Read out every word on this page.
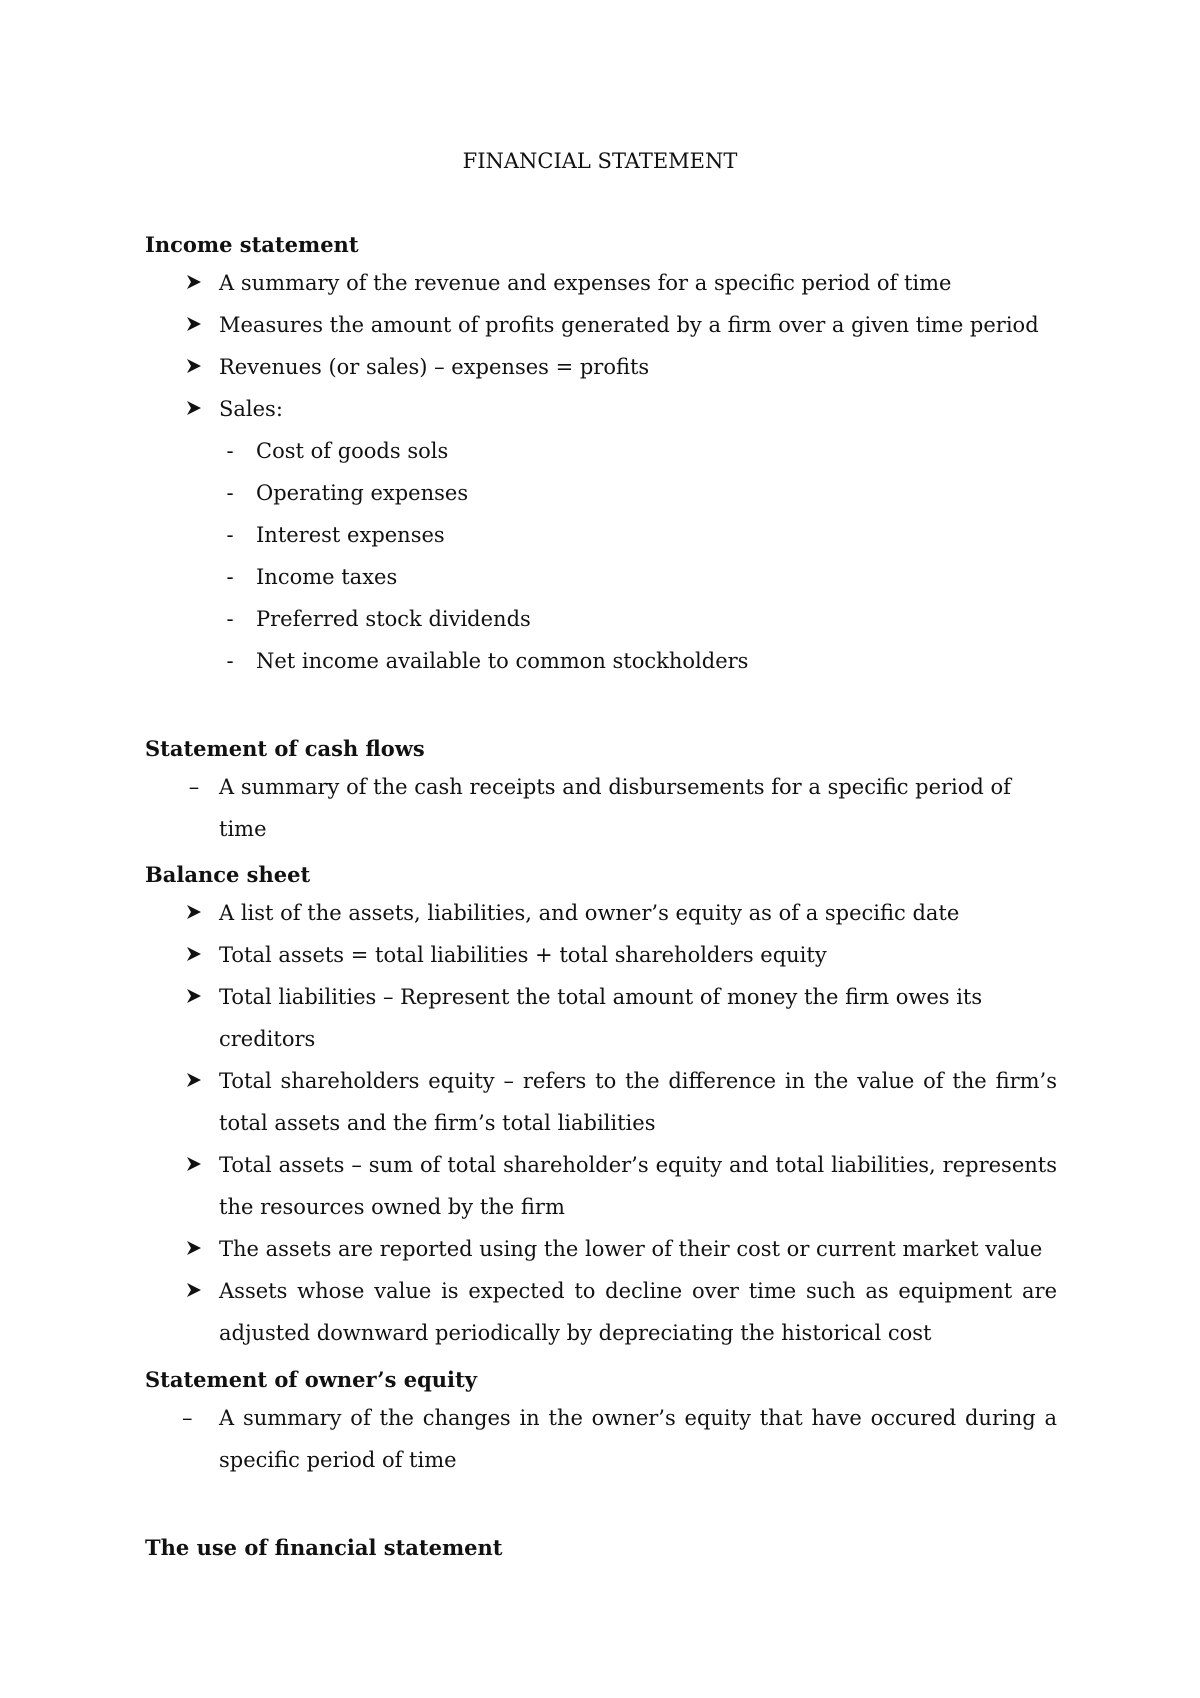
FINANCIAL STATEMENT
Income statement
A summary of the revenue and expenses for a specific period of time
Measures the amount of profits generated by a firm over a given time period
Revenues (or sales) – expenses = profits
Sales:
-	Cost of goods sols
-	Operating expenses
-	Interest expenses
-	Income taxes
-	Preferred stock dividends
-	Net income available to common stockholders
Statement of cash flows
– A summary of the cash receipts and disbursements for a specific period of time
Balance sheet
A list of the assets, liabilities, and owner’s equity as of a specific date
Total assets = total liabilities + total shareholders equity
Total liabilities – Represent the total amount of money the firm owes its creditors
Total shareholders equity – refers to the difference in the value of the firm’s total assets and the firm’s total liabilities
Total assets – sum of total shareholder’s equity and total liabilities, represents the resources owned by the firm
The assets are reported using the lower of their cost or current market value
Assets whose value is expected to decline over time such as equipment are adjusted downward periodically by depreciating the historical cost
Statement of owner’s equity
–	A summary of the changes in the owner’s equity that have occured during a specific period of time
The use of financial statement
